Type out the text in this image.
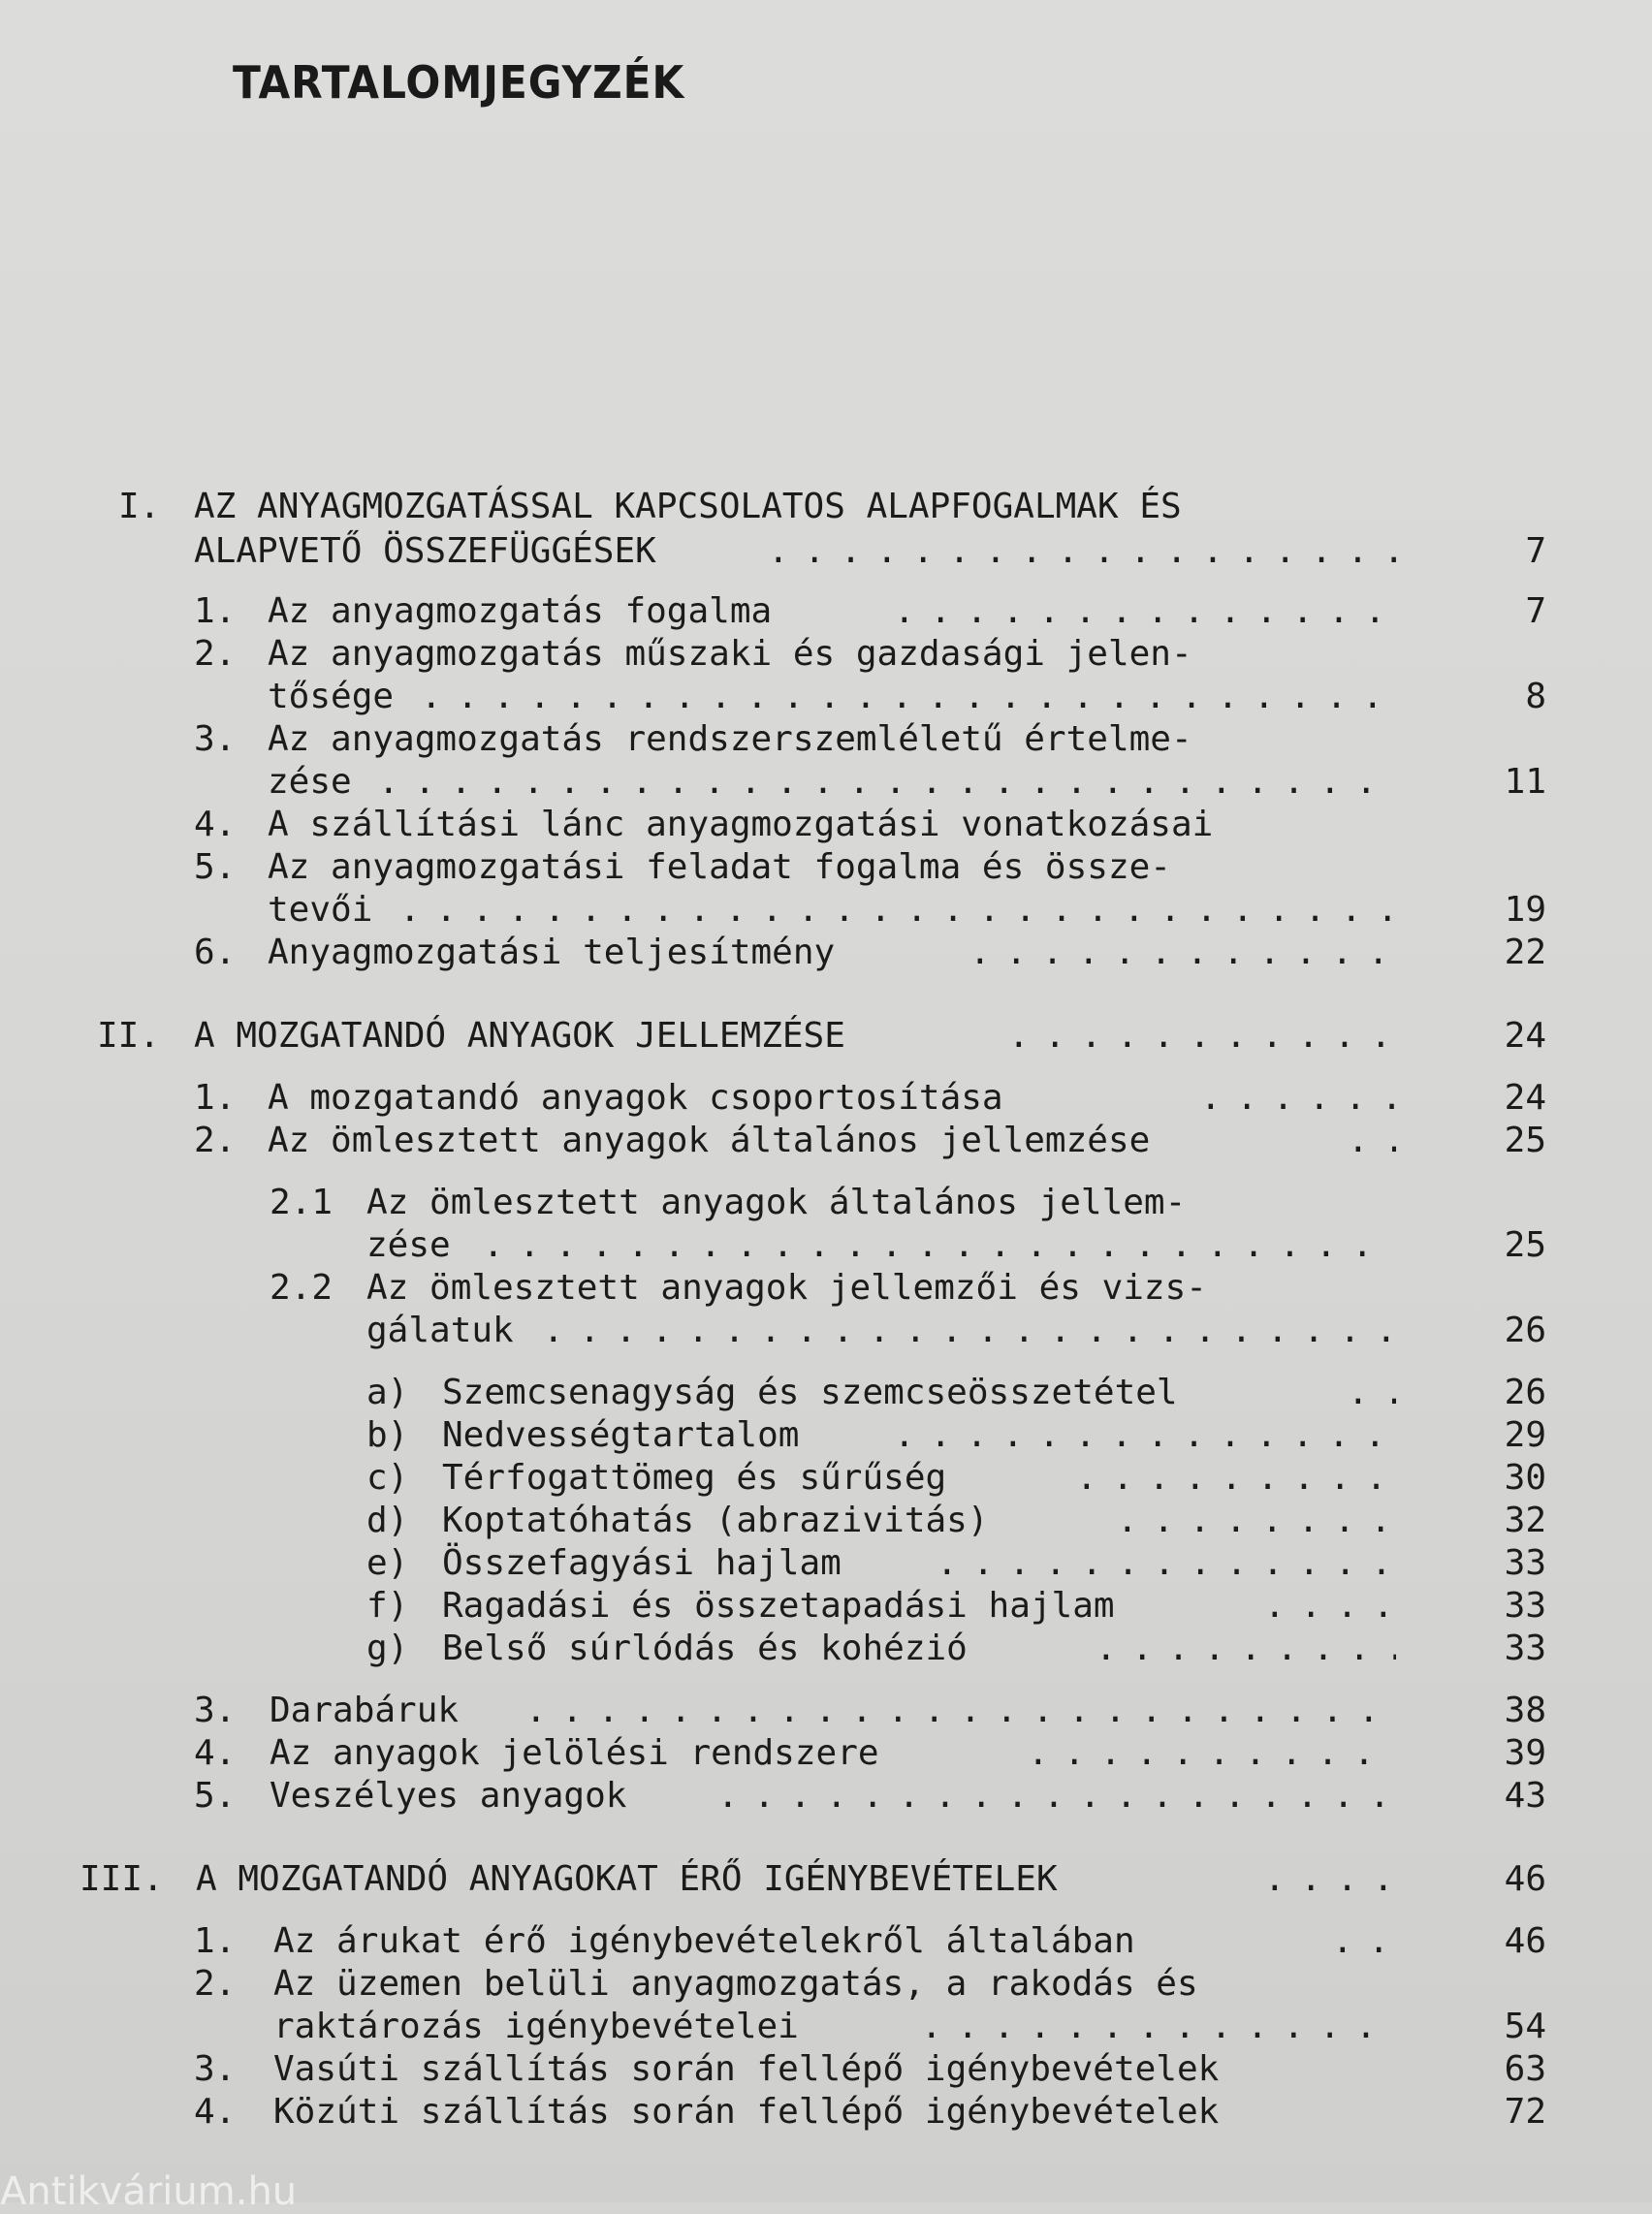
TARTALOMJEGYZÉK
I. AZ ANYAGMOZGATÁSSAL KAPCSOLATOS ALAPFOGALMAK ÉS
ALAPVETŐ ÖSSZEFÜGGÉSEK . . .	7
1. Az anyagmozgatás fogalma . . .	7
2. Az anyagmozgatás műszaki és gazdasági jelen-
tősége . . .	8
3. Az anyagmozgatás rendszerszemléletű értelme-
zése . . .	11
4. A szállítási lánc anyagmozgatási vonatkozásai
5. Az anyagmozgatási feladat fogalma és össze-
tevői . . .	19
6. Anyagmozgatási teljesítmény . . .	22
II. A MOZGATANDÓ ANYAGOK JELLEMZÉSE . . .	24
1. A mozgatandó anyagok csoportosítása . . .	24
2. Az ömlesztett anyagok általános jellemzése . . .	25
2.1 Az ömlesztett anyagok általános jellem-
zése . . .	25
2.2 Az ömlesztett anyagok jellemzői és vizs-
gálatuk . . .	26
a) Szemcsenagyság és szemcseösszetétel . . .	26
b) Nedvességtartalom . . .	29
c) Térfogattömeg és sűrűség . . .	30
d) Koptatóhatás (abrazivitás) . . .	32
e) Összefagyási hajlam . . .	33
f) Ragadási és összetapadási hajlam . . .	33
g) Belső súrlódás és kohézió . . .	33
3. Darabáruk . . .	38
4. Az anyagok jelölési rendszere . . .	39
5. Veszélyes anyagok . . .	43
III. A MOZGATANDÓ ANYAGOKAT ÉRŐ IGÉNYBEVÉTELEK . . .	46
1. Az árukat érő igénybevételekről általában . . .	46
2. Az üzemen belüli anyagmozgatás, a rakodás és
raktározás igénybevételei . . .	54
3. Vasúti szállítás során fellépő igénybevételek	63
4. Közúti szállítás során fellépő igénybevételek	72
Antikvárium.hu
